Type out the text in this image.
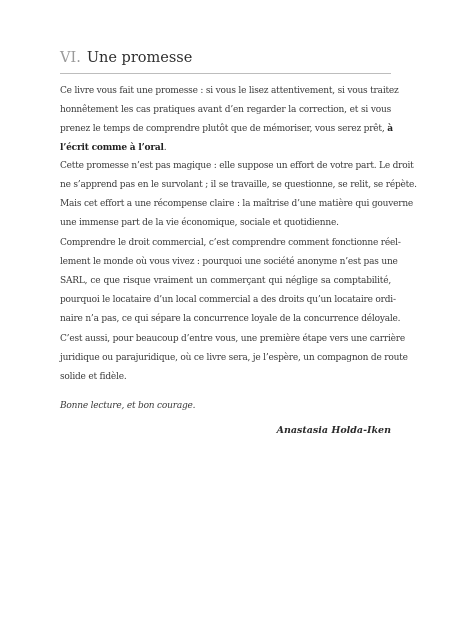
VI. Une promesse
Ce livre vous fait une promesse : si vous le lisez attentivement, si vous traitez
honnêtement les cas pratiques avant d’en regarder la correction, et si vous
prenez le temps de comprendre plutôt que de mémoriser, vous serez prêt, à
l’écrit comme à l’oral.
Cette promesse n’est pas magique : elle suppose un effort de votre part. Le droit
ne s’apprend pas en le survolant ; il se travaille, se questionne, se relit, se répète.
Mais cet effort a une récompense claire : la maîtrise d’une matière qui gouverne
une immense part de la vie économique, sociale et quotidienne.
Comprendre le droit commercial, c’est comprendre comment fonctionne réel-
lement le monde où vous vivez : pourquoi une société anonyme n’est pas une
SARL, ce que risque vraiment un commerçant qui néglige sa comptabilité,
pourquoi le locataire d’un local commercial a des droits qu’un locataire ordi-
naire n’a pas, ce qui sépare la concurrence loyale de la concurrence déloyale.
C’est aussi, pour beaucoup d’entre vous, une première étape vers une carrière
juridique ou parajuridique, où ce livre sera, je l’espère, un compagnon de route
solide et fidèle.
Bonne lecture, et bon courage.
Anastasia Holda-Iken
